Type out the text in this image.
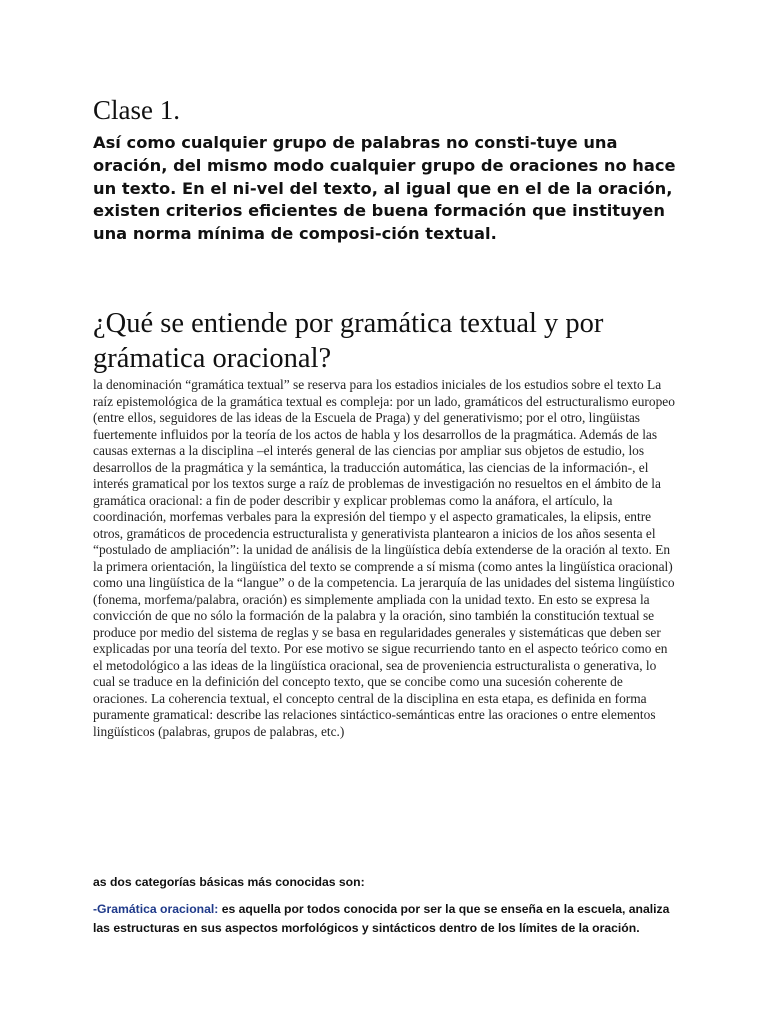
Clase 1.

Así como cualquier grupo de palabras no consti-tuye una oración, del mismo modo cualquier grupo de oraciones no hace un texto. En el ni-vel del texto, al igual que en el de la oración, existen criterios eficientes de buena formación que instituyen una norma mínima de composi-ción textual.

¿Qué se entiende por gramática textual y por grámatica oracional?

la denominación “gramática textual” se reserva para los estadios iniciales de los estudios sobre el texto La raíz epistemológica de la gramática textual es compleja: por un lado, gramáticos del estructuralismo europeo (entre ellos, seguidores de las ideas de la Escuela de Praga) y del generativismo; por el otro, lingüistas fuertemente influidos por la teoría de los actos de habla y los desarrollos de la pragmática. Además de las causas externas a la disciplina –el interés general de las ciencias por ampliar sus objetos de estudio, los desarrollos de la pragmática y la semántica, la traducción automática, las ciencias de la información-, el interés gramatical por los textos surge a raíz de problemas de investigación no resueltos en el ámbito de la gramática oracional: a fin de poder describir y explicar problemas como la anáfora, el artículo, la coordinación, morfemas verbales para la expresión del tiempo y el aspecto gramaticales, la elipsis, entre otros, gramáticos de procedencia estructuralista y generativista plantearon a inicios de los años sesenta el “postulado de ampliación”: la unidad de análisis de la lingüística debía extenderse de la oración al texto. En la primera orientación, la lingüística del texto se comprende a sí misma (como antes la lingüística oracional) como una lingüística de la “langue” o de la competencia. La jerarquía de las unidades del sistema lingüístico (fonema, morfema/palabra, oración) es simplemente ampliada con la unidad texto. En esto se expresa la convicción de que no sólo la formación de la palabra y la oración, sino también la constitución textual se produce por medio del sistema de reglas y se basa en regularidades generales y sistemáticas que deben ser explicadas por una teoría del texto. Por ese motivo se sigue recurriendo tanto en el aspecto teórico como en el metodológico a las ideas de la lingüística oracional, sea de proveniencia estructuralista o generativa, lo cual se traduce en la definición del concepto texto, que se concibe como una sucesión coherente de oraciones. La coherencia textual, el concepto central de la disciplina en esta etapa, es definida en forma puramente gramatical: describe las relaciones sintáctico-semánticas entre las oraciones o entre elementos lingüísticos (palabras, grupos de palabras, etc.)

as dos categorías básicas más conocidas son:

-Gramática oracional: es aquella por todos conocida por ser la que se enseña en la escuela, analiza las estructuras en sus aspectos morfológicos y sintácticos dentro de los límites de la oración.
